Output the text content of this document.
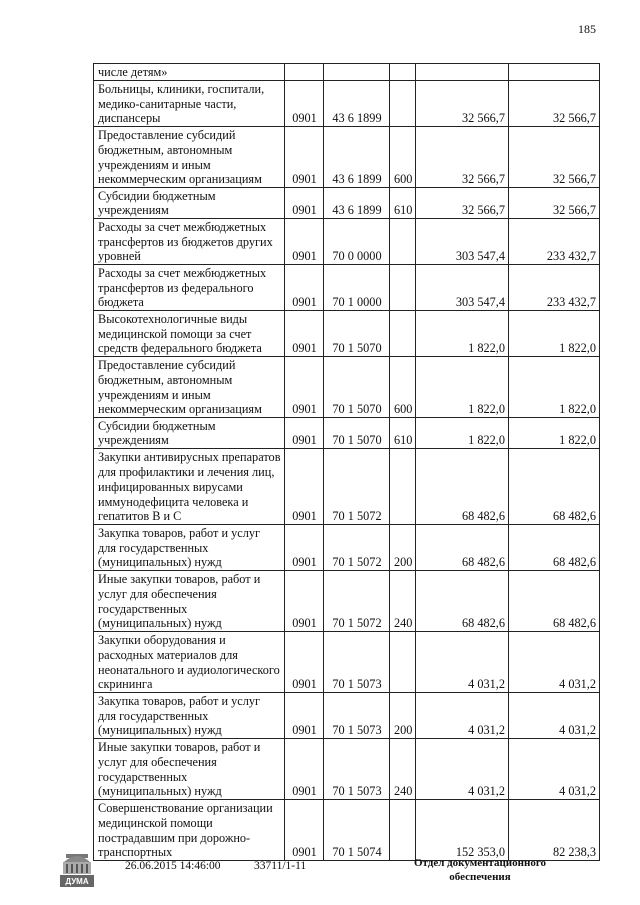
185
числе детям»					
Больницы, клиники, госпитали, медико-санитарные части, диспансеры	0901	43 6 1899		32 566,7	32 566,7
Предоставление субсидий бюджетным, автономным учреждениям и иным некоммерческим организациям	0901	43 6 1899	600	32 566,7	32 566,7
Субсидии бюджетным учреждениям	0901	43 6 1899	610	32 566,7	32 566,7
Расходы за счет межбюджетных трансфертов из бюджетов других уровней	0901	70 0 0000		303 547,4	233 432,7
Расходы за счет межбюджетных трансфертов из федерального бюджета	0901	70 1 0000		303 547,4	233 432,7
Высокотехнологичные виды медицинской помощи за счет средств федерального бюджета	0901	70 1 5070		1 822,0	1 822,0
Предоставление субсидий бюджетным, автономным учреждениям и иным некоммерческим организациям	0901	70 1 5070	600	1 822,0	1 822,0
Субсидии бюджетным учреждениям	0901	70 1 5070	610	1 822,0	1 822,0
Закупки антивирусных препаратов для профилактики и лечения лиц, инфицированных вирусами иммунодефицита человека и гепатитов В и С	0901	70 1 5072		68 482,6	68 482,6
Закупка товаров, работ и услуг для государственных (муниципальных) нужд	0901	70 1 5072	200	68 482,6	68 482,6
Иные закупки товаров, работ и услуг для обеспечения государственных (муниципальных) нужд	0901	70 1 5072	240	68 482,6	68 482,6
Закупки оборудования и расходных материалов для неонатального и аудиологического скрининга	0901	70 1 5073		4 031,2	4 031,2
Закупка товаров, работ и услуг для государственных (муниципальных) нужд	0901	70 1 5073	200	4 031,2	4 031,2
Иные закупки товаров, работ и услуг для обеспечения государственных (муниципальных) нужд	0901	70 1 5073	240	4 031,2	4 031,2
Совершенствование организации медицинской помощи пострадавшим при дорожно-транспортных	0901	70 1 5074		152 353,0	82 238,3
ДУМА
26.06.2015 14:46:00	33711/1-11	Отдел документационного обеспечения
